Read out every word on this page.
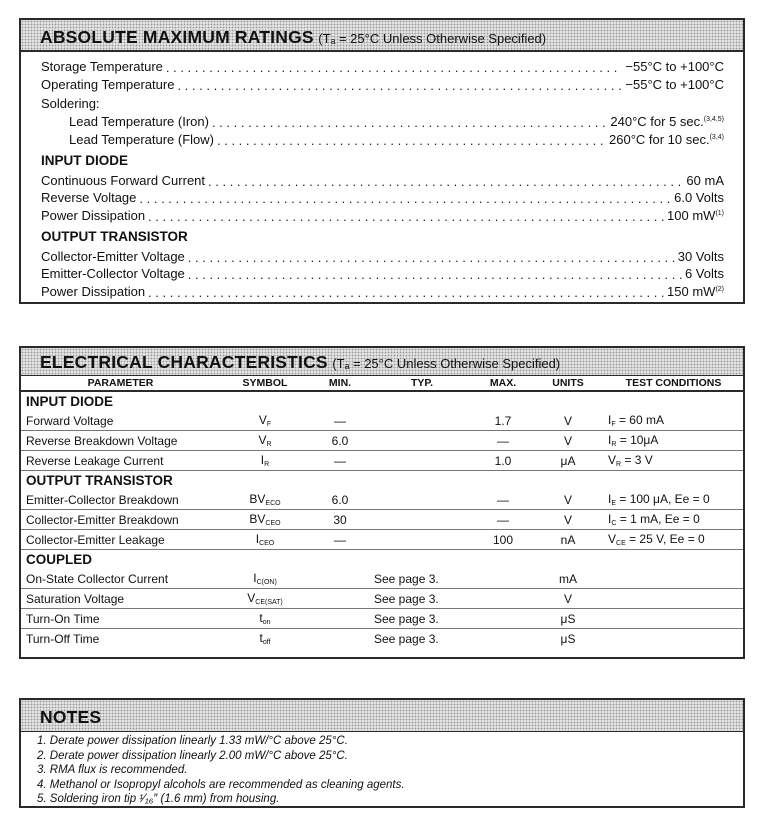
ABSOLUTE MAXIMUM RATINGS (Tₐ = 25°C Unless Otherwise Specified)
Storage Temperature . . .	−55°C to +100°C
Operating Temperature . . .	−55°C to +100°C
Soldering:
Lead Temperature (Iron) . . .	240°C for 5 sec.$^{(3,4,5)}$
Lead Temperature (Flow) . . .	260°C for 10 sec.$^{(3,4)}$
INPUT DIODE
Continuous Forward Current . . .	60 mA
Reverse Voltage . . .	6.0 Volts
Power Dissipation . . .	100 $mW^{(1)}$
OUTPUT TRANSISTOR
Collector-Emitter Voltage . . .	30 Volts
Emitter-Collector Voltage . . .	6 Volts
Power Dissipation . . .	150 $mW^{(2)}$
ELECTRICAL CHARACTERISTICS (Tₐ = 25°C Unless Otherwise Specified)
PARAMETER	SYMBOL	MIN.	TYP.	MAX.	UNITS	TEST CONDITIONS
INPUT DIODE						
Forward Voltage	$V_F$	—		1.7	V	$I_F = 60$ mA
Reverse Breakdown Voltage	$V_R$	6.0		—	V	$I_R = 10\mu A$
Reverse Leakage Current	$I_R$	—		1.0	μA	$V_R = 3$ V
OUTPUT TRANSISTOR						
Emitter-Collector Breakdown	$BV_{ECO}$	6.0		—	V	$I_E = 100$ μA, Ee = 0
Collector-Emitter Breakdown	$BV_{CEO}$	30		—	V	$I_C = 1$ mA, Ee = 0
Collector-Emitter Leakage	$I_{CEO}$	—		100	nA	$V_{CE} = 25$ V, Ee = 0
COUPLED						
On-State Collector Current	$I_{C(ON)}$		See page 3.		mA	
Saturation Voltage	$V_{CE(SAT)}$		See page 3.		V	
Turn-On Time	$t_{on}$		See page 3.		μS	
Turn-Off Time	$t_{off}$		See page 3.		μS	
NOTES
1. Derate power dissipation linearly 1.33 mW/°C above 25°C.
2. Derate power dissipation linearly 2.00 mW/°C above 25°C.
3. RMA flux is recommended.
4. Methanol or Isopropyl alcohols are recommended as cleaning agents.
5. Soldering iron tip ¹⁄₁₆″ (1.6 mm) from housing.
